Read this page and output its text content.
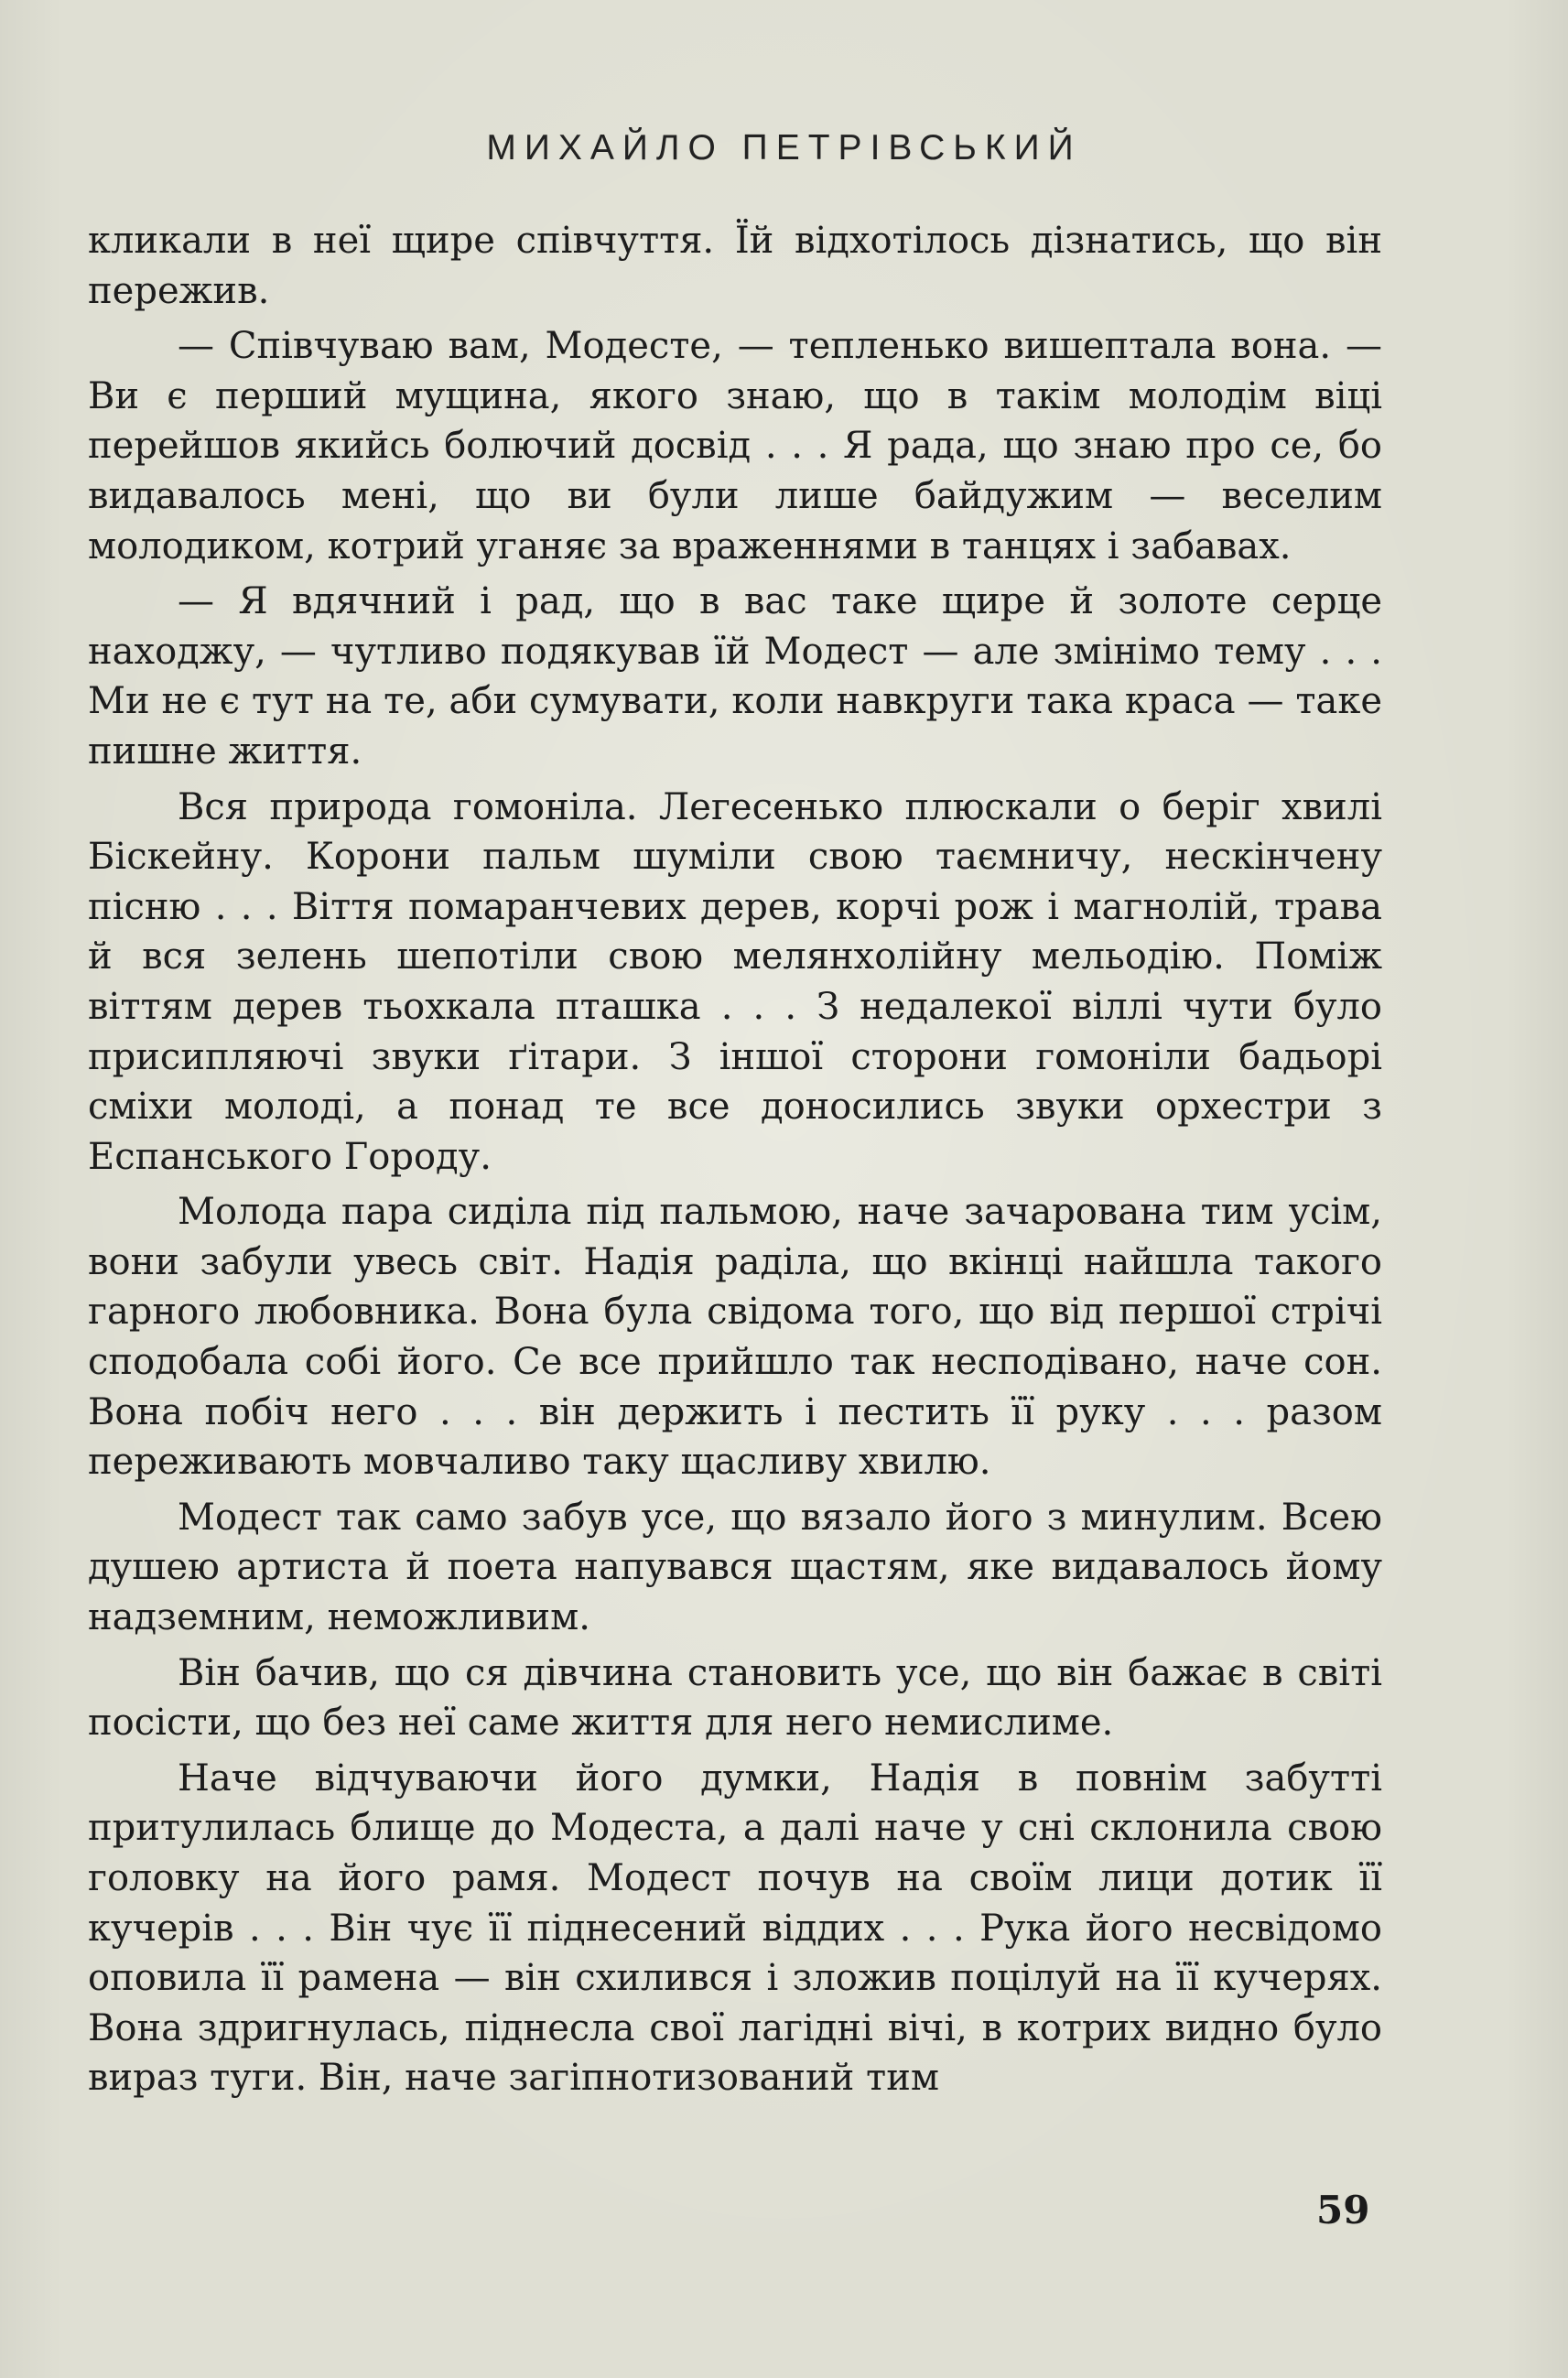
МИХАЙЛО ПЕТРІВСЬКИЙ

кликали в неї щире співчуття. Їй відхотілось дізнатись, що він пережив.

— Співчуваю вам, Модесте, — тепленько вишептала вона. — Ви є перший мущина, якого знаю, що в такім молодім віці перейшов якийсь болючий досвід . . . Я рада, що знаю про се, бо видавалось мені, що ви були лише байдужим — веселим молодиком, котрий уганяє за враженнями в танцях і забавах.

— Я вдячний і рад, що в вас таке щире й золоте серце находжу, — чутливо подякував їй Модест — але змінімо тему . . . Ми не є тут на те, аби сумувати, коли навкруги така краса — таке пишне життя.

Вся природа гомоніла. Легесенько плюскали о беріг хвилі Біскейну. Корони пальм шуміли свою таємничу, нескінчену пісню . . . Віття помаранчевих дерев, корчі рож і магнолій, трава й вся зелень шепотіли свою мелянхолійну мельодію. Поміж віттям дерев тьохкала пташка . . . З недалекої віллі чути було присипляючі звуки ґітари. З іншої сторони гомоніли бадьорі сміхи молоді, а понад те все доносились звуки орхестри з Еспанського Городу.

Молода пара сиділа під пальмою, наче зачарована тим усім, вони забули увесь світ. Надія раділа, що вкінці найшла такого гарного любовника. Вона була свідома того, що від першої стрічі сподобала собі його. Се все прийшло так несподівано, наче сон. Вона побіч него . . . він держить і пестить її руку . . . разом переживають мовчаливо таку щасливу хвилю.

Модест так само забув усе, що вязало його з минулим. Всею душею артиста й поета напувався щастям, яке видавалось йому надземним, неможливим.

Він бачив, що ся дівчина становить усе, що він бажає в світі посісти, що без неї саме життя для него немислиме.

Наче відчуваючи його думки, Надія в повнім забутті притулилась блище до Модеста, а далі наче у сні склонила свою головку на його рамя. Модест почув на своїм лици дотик її кучерів . . . Він чує її піднесений віддих . . . Рука його несвідомо оповила її рамена — він схилився і зложив поцілуй на її кучерях. Вона здригнулась, піднесла свої лагідні вічі, в котрих видно було вираз туги. Він, наче загіпнотизований тим

59
